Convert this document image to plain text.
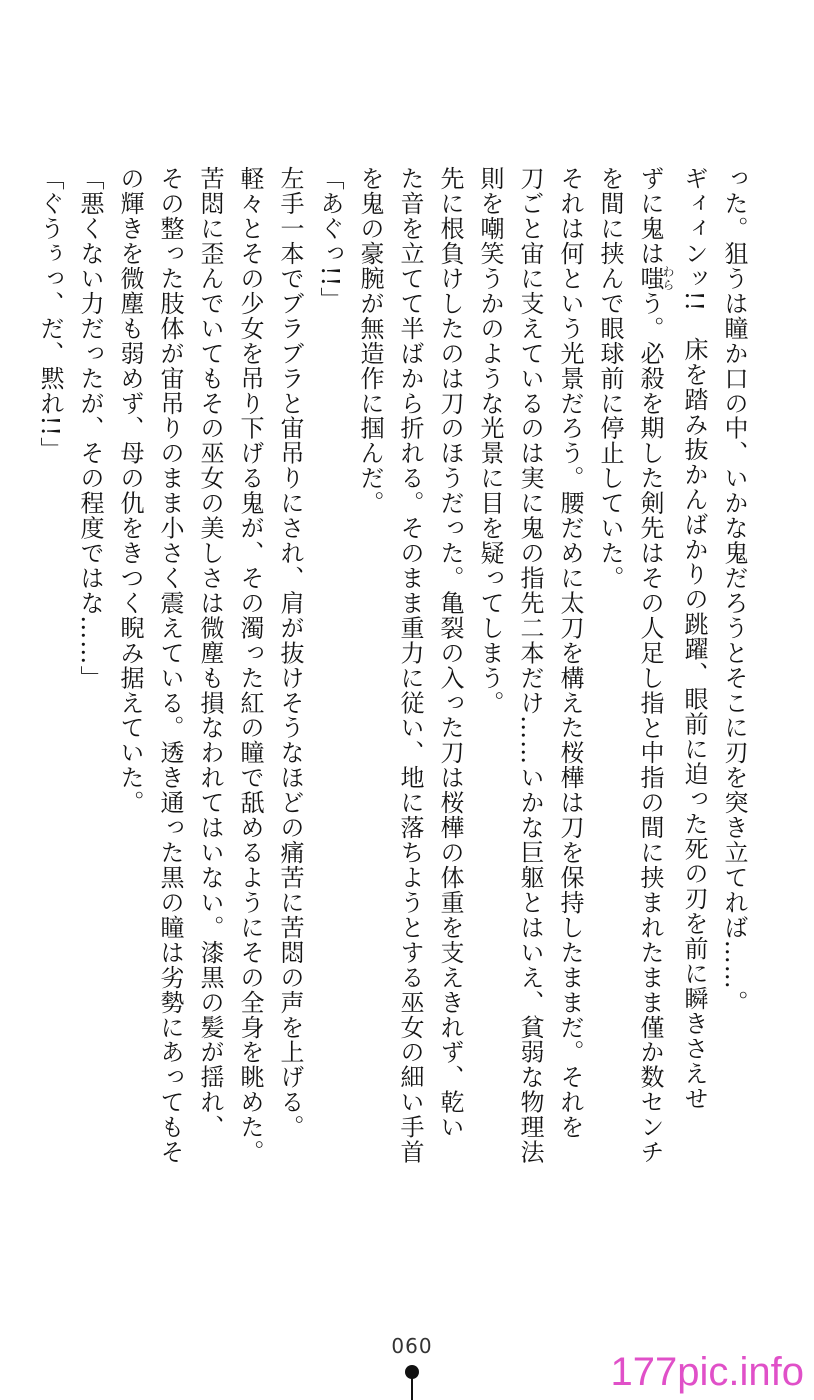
った。狙うは瞳か口の中、いかな鬼だろうとそこに刃を突き立てれば……。
ギィィンッ!!　床を踏み抜かんばかりの跳躍、眼前に迫った死の刃を前に瞬きさえせ
ずに鬼は嗤わらう。必殺を期した剣先はその人足し指と中指の間に挟まれたまま僅か数センチ
を間に挟んで眼球前に停止していた。
それは何という光景だろう。腰だめに太刀を構えた桜樺は刀を保持したままだ。それを
刀ごと宙に支えているのは実に鬼の指先二本だけ……いかな巨躯とはいえ、貧弱な物理法
則を嘲笑うかのような光景に目を疑ってしまう。
先に根負けしたのは刀のほうだった。亀裂の入った刀は桜樺の体重を支えきれず、乾い
た音を立てて半ばから折れる。そのまま重力に従い、地に落ちようとする巫女の細い手首
を鬼の豪腕が無造作に掴んだ。
「あぐっ!!」
左手一本でブラブラと宙吊りにされ、肩が抜けそうなほどの痛苦に苦悶の声を上げる。
軽々とその少女を吊り下げる鬼が、その濁った紅の瞳で舐めるようにその全身を眺めた。
苦悶に歪んでいてもその巫女の美しさは微塵も損なわれてはいない。漆黒の髪が揺れ、
その整った肢体が宙吊りのまま小さく震えている。透き通った黒の瞳は劣勢にあってもそ
の輝きを微塵も弱めず、母の仇をきつく睨み据えていた。
「悪くない力だったが、その程度ではな……」
「ぐうぅっ、だ、黙れ!!」
060
177pic.info
